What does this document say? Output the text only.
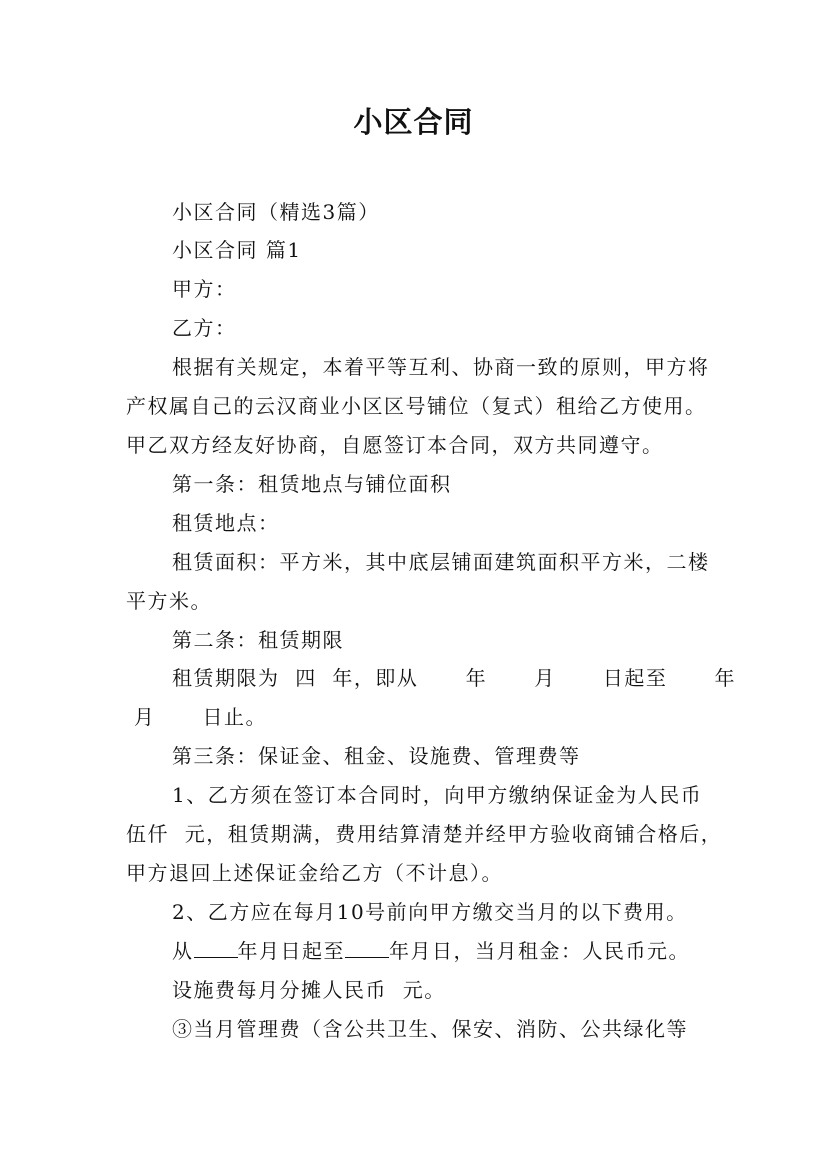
小区合同
小区合同（精选3篇）
小区合同 篇1
甲方：
乙方：
根据有关规定，本着平等互利、协商一致的原则，甲方将
产权属自己的云汉商业小区区号铺位（复式）租给乙方使用。
甲乙双方经友好协商，自愿签订本合同，双方共同遵守。
第一条：租赁地点与铺位面积
租赁地点：
租赁面积：平方米，其中底层铺面建筑面积平方米，二楼
平方米。
第二条：租赁期限
租赁期限为  四  年，即从      年      月      日起至      年
月      日止。
第三条：保证金、租金、设施费、管理费等
1、乙方须在签订本合同时，向甲方缴纳保证金为人民币
伍仟  元，租赁期满，费用结算清楚并经甲方验收商铺合格后，
甲方退回上述保证金给乙方（不计息）。
2、乙方应在每月10号前向甲方缴交当月的以下费用。
从 年月日起至 年月日，当月租金：人民币元。
设施费每月分摊人民币  元。
③当月管理费（含公共卫生、保安、消防、公共绿化等
